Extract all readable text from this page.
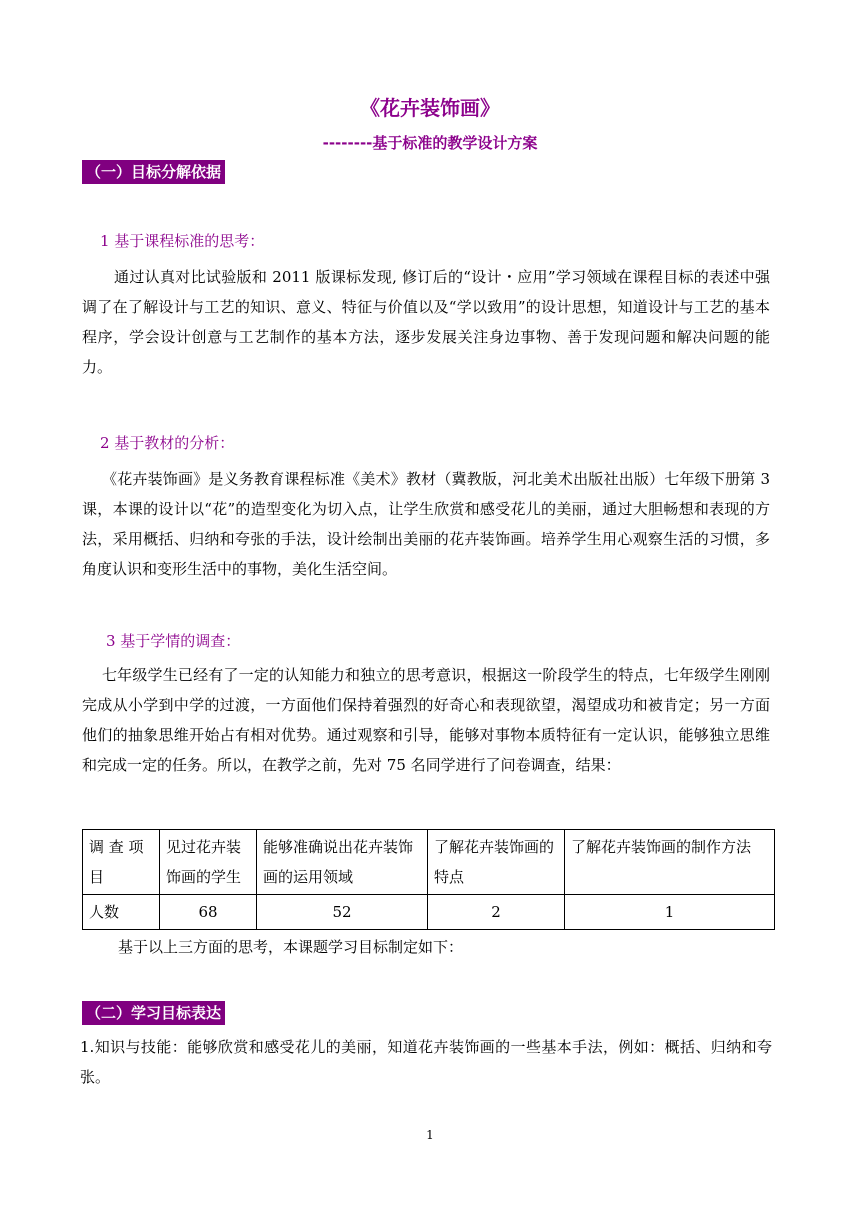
《花卉装饰画》
--------基于标准的教学设计方案
（一）目标分解依据
1 基于课程标准的思考：
通过认真对比试验版和 2011 版课标发现, 修订后的“设计・应用”学习领域在课程目标的表述中强调了在了解设计与工艺的知识、意义、特征与价值以及“学以致用”的设计思想，知道设计与工艺的基本程序，学会设计创意与工艺制作的基本方法，逐步发展关注身边事物、善于发现问题和解决问题的能力。
2 基于教材的分析：
《花卉装饰画》是义务教育课程标准《美术》教材（冀教版，河北美术出版社出版）七年级下册第 3 课，本课的设计以“花”的造型变化为切入点，让学生欣赏和感受花儿的美丽，通过大胆畅想和表现的方法，采用概括、归纳和夸张的手法，设计绘制出美丽的花卉装饰画。培养学生用心观察生活的习惯，多角度认识和变形生活中的事物，美化生活空间。
3 基于学情的调查：
七年级学生已经有了一定的认知能力和独立的思考意识，根据这一阶段学生的特点，七年级学生刚刚完成从小学到中学的过渡，一方面他们保持着强烈的好奇心和表现欲望，渴望成功和被肯定；另一方面他们的抽象思维开始占有相对优势。通过观察和引导，能够对事物本质特征有一定认识，能够独立思维和完成一定的任务。所以，在教学之前，先对 75 名同学进行了问卷调查，结果：
调 查 项目	见过花卉装饰画的学生	能够准确说出花卉装饰画的运用领域	了解花卉装饰画的特点	了解花卉装饰画的制作方法
人数	68	52	2	1
基于以上三方面的思考，本课题学习目标制定如下：
（二）学习目标表达
1.知识与技能：能够欣赏和感受花儿的美丽，知道花卉装饰画的一些基本手法，例如：概括、归纳和夸张。
1
